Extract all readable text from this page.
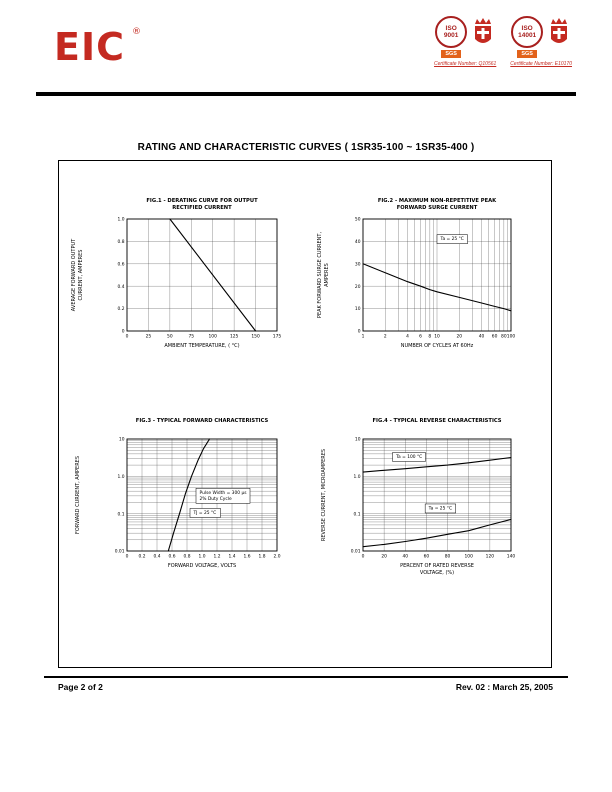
EIC ®	ISO
9001
SGS
Certificate Number: Q10561
ISO
14001
SGS
Certificate Number: E10170
RATING AND CHARACTERISTIC CURVES ( 1SR35-100 ~ 1SR35-400 )
0	25	50	75	100	125	150	175
0
0.2
0.4
0.6
0.8
1.0
FIG.1 - DERATING CURVE FOR OUTPUT
RECTIFIED CURRENT
AMBIENT TEMPERATURE, ( °C)
AVERAGE FORWARD OUTPUT CURRENT, AMPERES
1	2	4 6 8 10	20	40 60 80 100
0
10
20
30
40
50
FIG.2 - MAXIMUM NON-REPETITIVE PEAK
FORWARD SURGE CURRENT
NUMBER OF CYCLES AT 60Hz
PEAK FORWARD SURGE CURRENT, AMPERES
Ta = 25 °C
0 0.2 0.4 0.6 0.8 1.0 1.2 1.4 1.6 1.8 2.0
0.01
0.1
1.0
10
FIG.3 - TYPICAL FORWARD CHARACTERISTICS
FORWARD VOLTAGE, VOLTS
FORWARD CURRENT, AMPERES	Pulse Width = 300 μs
2% Duty Cycle
TJ = 25 °C
0	20	40	60	80	100	120	140
0.01
0.1
1.0
10
FIG.4 - TYPICAL REVERSE CHARACTERISTICS
PERCENT OF RATED REVERSE
VOLTAGE, (%)
REVERSE CURRENT, MICROAMPERES	Ta = 100 °C
Ta = 25 °C
Page 2 of 2	Rev. 02 : March 25, 2005
